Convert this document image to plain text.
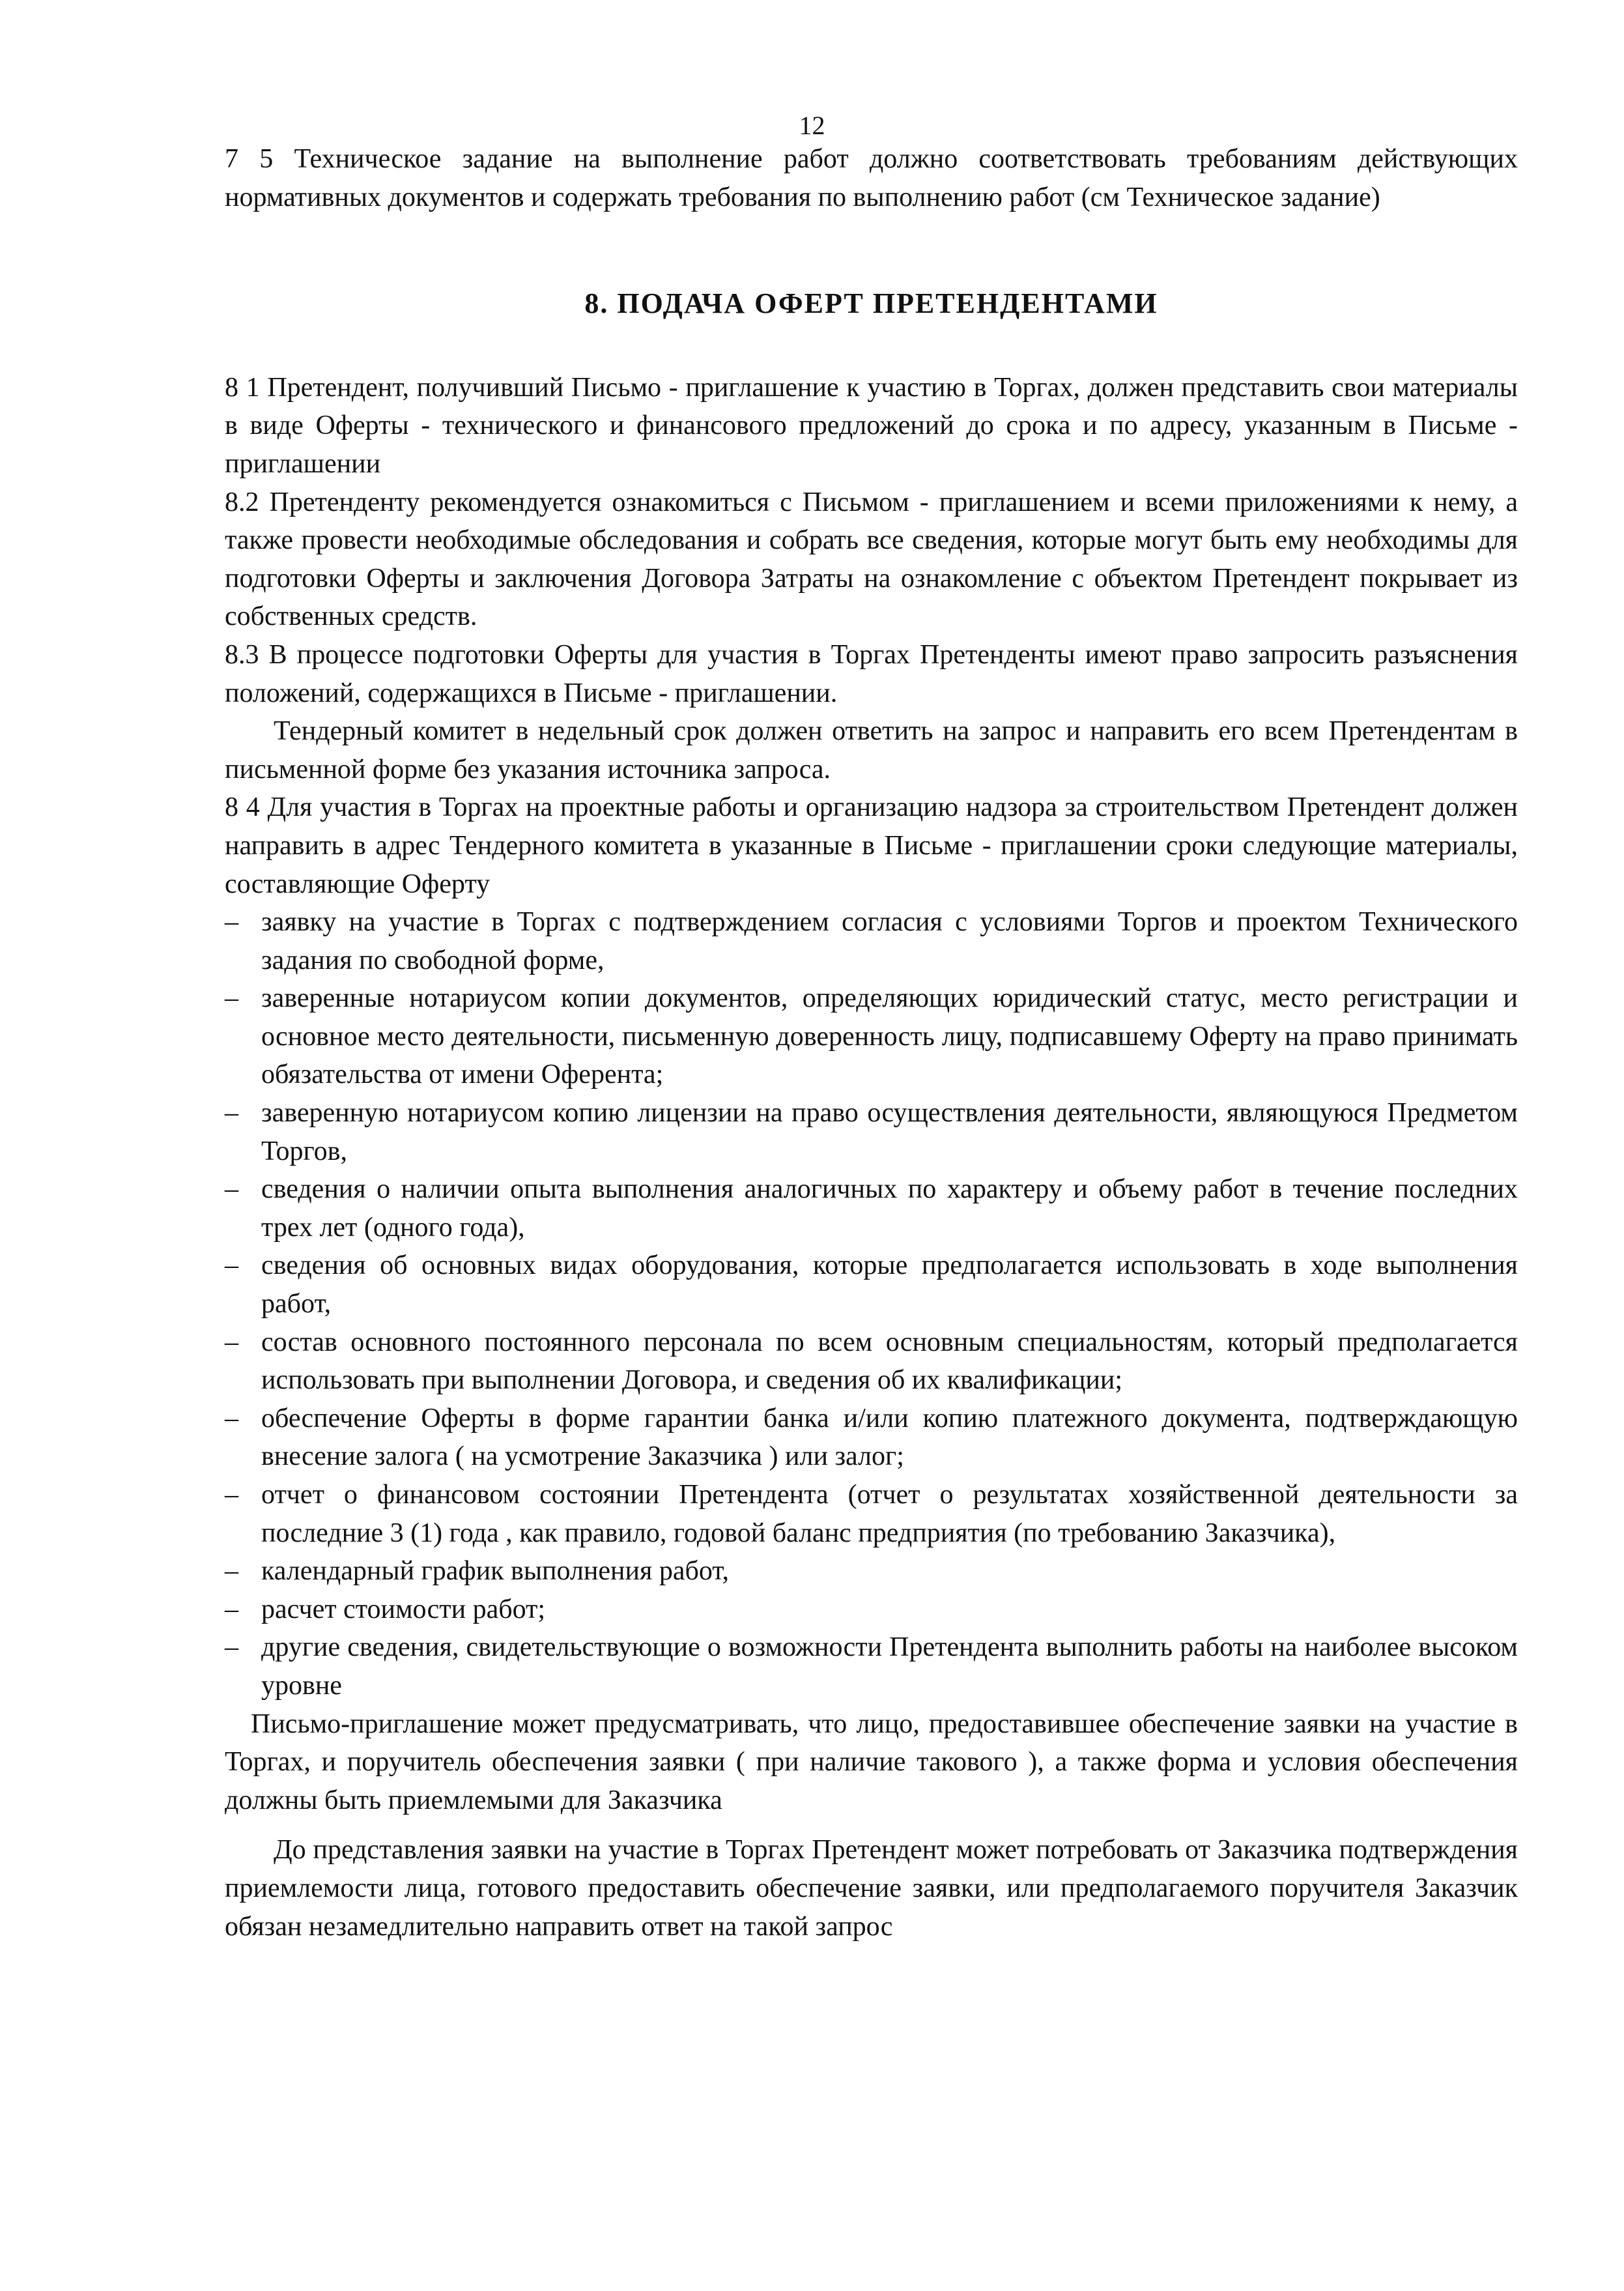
12

7 5 Техническое задание на выполнение работ должно соответствовать требованиям действующих нормативных документов и содержать требования по выполнению работ (см Техническое задание)

8. ПОДАЧА ОФЕРТ ПРЕТЕНДЕНТАМИ

8 1 Претендент, получивший Письмо - приглашение к участию в Торгах, должен представить свои материалы в виде Оферты - технического и финансового предложений до срока и по адресу, указанным в Письме - приглашении

8.2 Претенденту рекомендуется ознакомиться с Письмом - приглашением и всеми приложениями к нему, а также провести необходимые обследования и собрать все сведения, которые могут быть ему необходимы для подготовки Оферты и заключения Договора Затраты на ознакомление с объектом Претендент покрывает из собственных средств.

8.3 В процессе подготовки Оферты для участия в Торгах Претенденты имеют право запросить разъяснения положений, содержащихся в Письме - приглашении.

Тендерный комитет в недельный срок должен ответить на запрос и направить его всем Претендентам в письменной форме без указания источника запроса.

8 4 Для участия в Торгах на проектные работы и организацию надзора за строительством Претендент должен направить в адрес Тендерного комитета в указанные в Письме - приглашении сроки следующие материалы, составляющие Оферту

– заявку на участие в Торгах с подтверждением согласия с условиями Торгов и проектом Технического задания по свободной форме,
– заверенные нотариусом копии документов, определяющих юридический статус, место регистрации и основное место деятельности, письменную доверенность лицу, подписавшему Оферту на право принимать обязательства от имени Оферента;
– заверенную нотариусом копию лицензии на право осуществления деятельности, являющуюся Предметом Торгов,
– сведения о наличии опыта выполнения аналогичных по характеру и объему работ в течение последних трех лет (одного года),
– сведения об основных видах оборудования, которые предполагается использовать в ходе выполнения работ,
– состав основного постоянного персонала по всем основным специальностям, который предполагается использовать при выполнении Договора, и сведения об их квалификации;
– обеспечение Оферты в форме гарантии банка и/или копию платежного документа, подтверждающую внесение залога ( на усмотрение Заказчика ) или залог;
– отчет о финансовом состоянии Претендента (отчет о результатах хозяйственной деятельности за последние 3 (1) года , как правило, годовой баланс предприятия (по требованию Заказчика),
– календарный график выполнения работ,
– расчет стоимости работ;
– другие сведения, свидетельствующие о возможности Претендента выполнить работы на наиболее высоком уровне

Письмо-приглашение может предусматривать, что лицо, предоставившее обеспечение заявки на участие в Торгах, и поручитель обеспечения заявки ( при наличие такового ), а также форма и условия обеспечения должны быть приемлемыми для Заказчика

До представления заявки на участие в Торгах Претендент может потребовать от Заказчика подтверждения приемлемости лица, готового предоставить обеспечение заявки, или предполагаемого поручителя Заказчик обязан незамедлительно направить ответ на такой запрос
